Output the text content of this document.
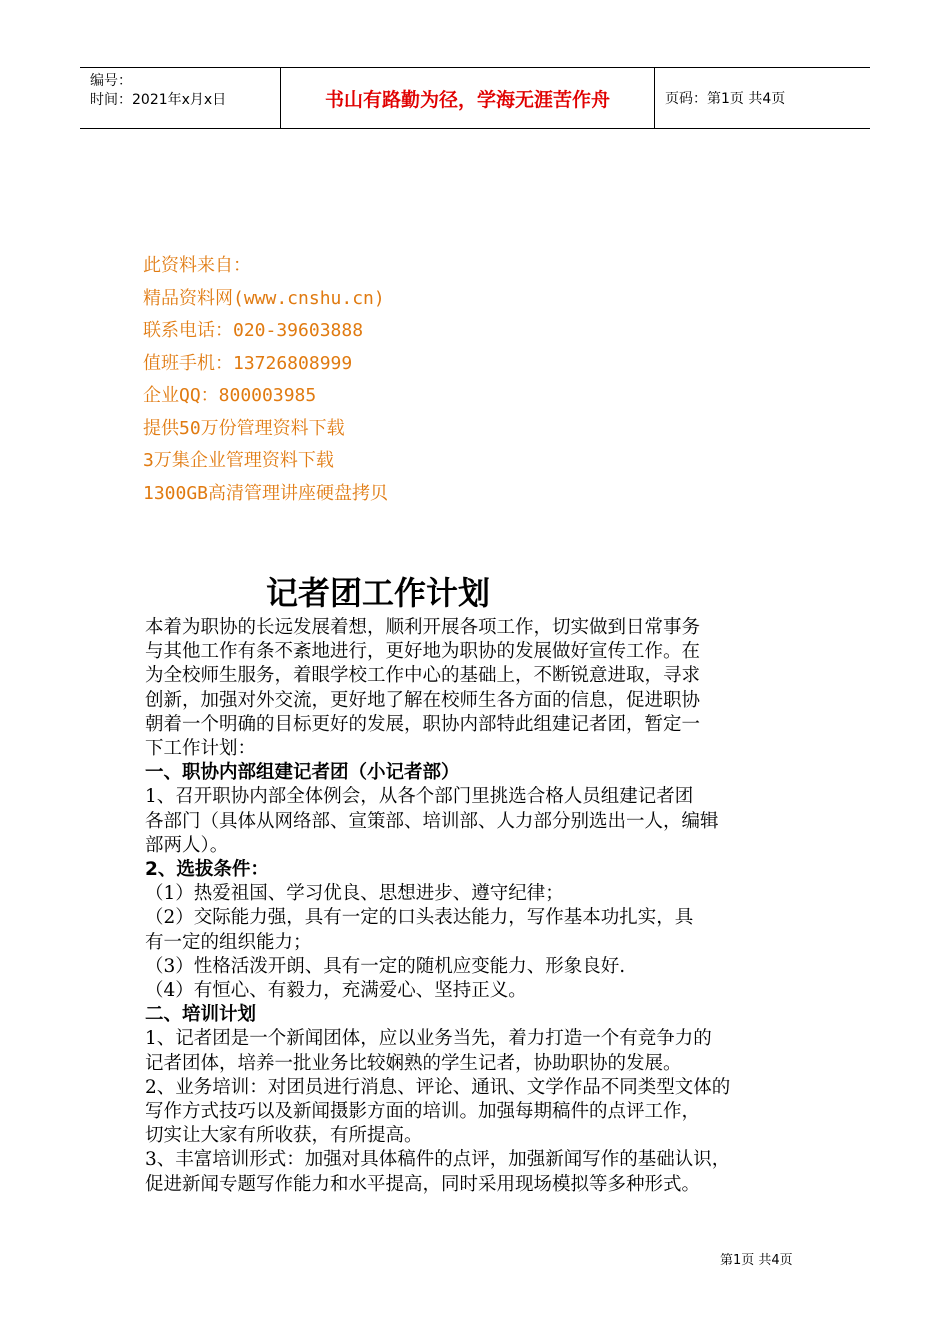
编号：
时间：2021年x月x日	书山有路勤为径，学海无涯苦作舟	页码：第1页 共4页
此资料来自：
精品资料网(www.cnshu.cn)
联系电话：020-39603888
值班手机：13726808999
企业QQ：800003985
提供50万份管理资料下载
3万集企业管理资料下载
1300GB高清管理讲座硬盘拷贝
记者团工作计划

本着为职协的长远发展着想，顺利开展各项工作，切实做到日常事务

与其他工作有条不紊地进行，更好地为职协的发展做好宣传工作。在

为全校师生服务，着眼学校工作中心的基础上，不断锐意进取，寻求

创新，加强对外交流，更好地了解在校师生各方面的信息，促进职协

朝着一个明确的目标更好的发展，职协内部特此组建记者团，暂定一

下工作计划：

一、职协内部组建记者团（小记者部）

1、召开职协内部全体例会，从各个部门里挑选合格人员组建记者团

各部门（具体从网络部、宣策部、培训部、人力部分别选出一人，编辑

部两人）。

2、选拔条件：

（1）热爱祖国、学习优良、思想进步、遵守纪律；

（2）交际能力强，具有一定的口头表达能力，写作基本功扎实，具

有一定的组织能力；

（3）性格活泼开朗、具有一定的随机应变能力、形象良好.

（4）有恒心、有毅力，充满爱心、坚持正义。

二、培训计划

1、记者团是一个新闻团体，应以业务当先，着力打造一个有竞争力的

记者团体，培养一批业务比较娴熟的学生记者，协助职协的发展。

2、业务培训：对团员进行消息、评论、通讯、文学作品不同类型文体的

写作方式技巧以及新闻摄影方面的培训。加强每期稿件的点评工作，

切实让大家有所收获，有所提高。

3、丰富培训形式：加强对具体稿件的点评，加强新闻写作的基础认识，

促进新闻专题写作能力和水平提高，同时采用现场模拟等多种形式。

第1页 共4页
